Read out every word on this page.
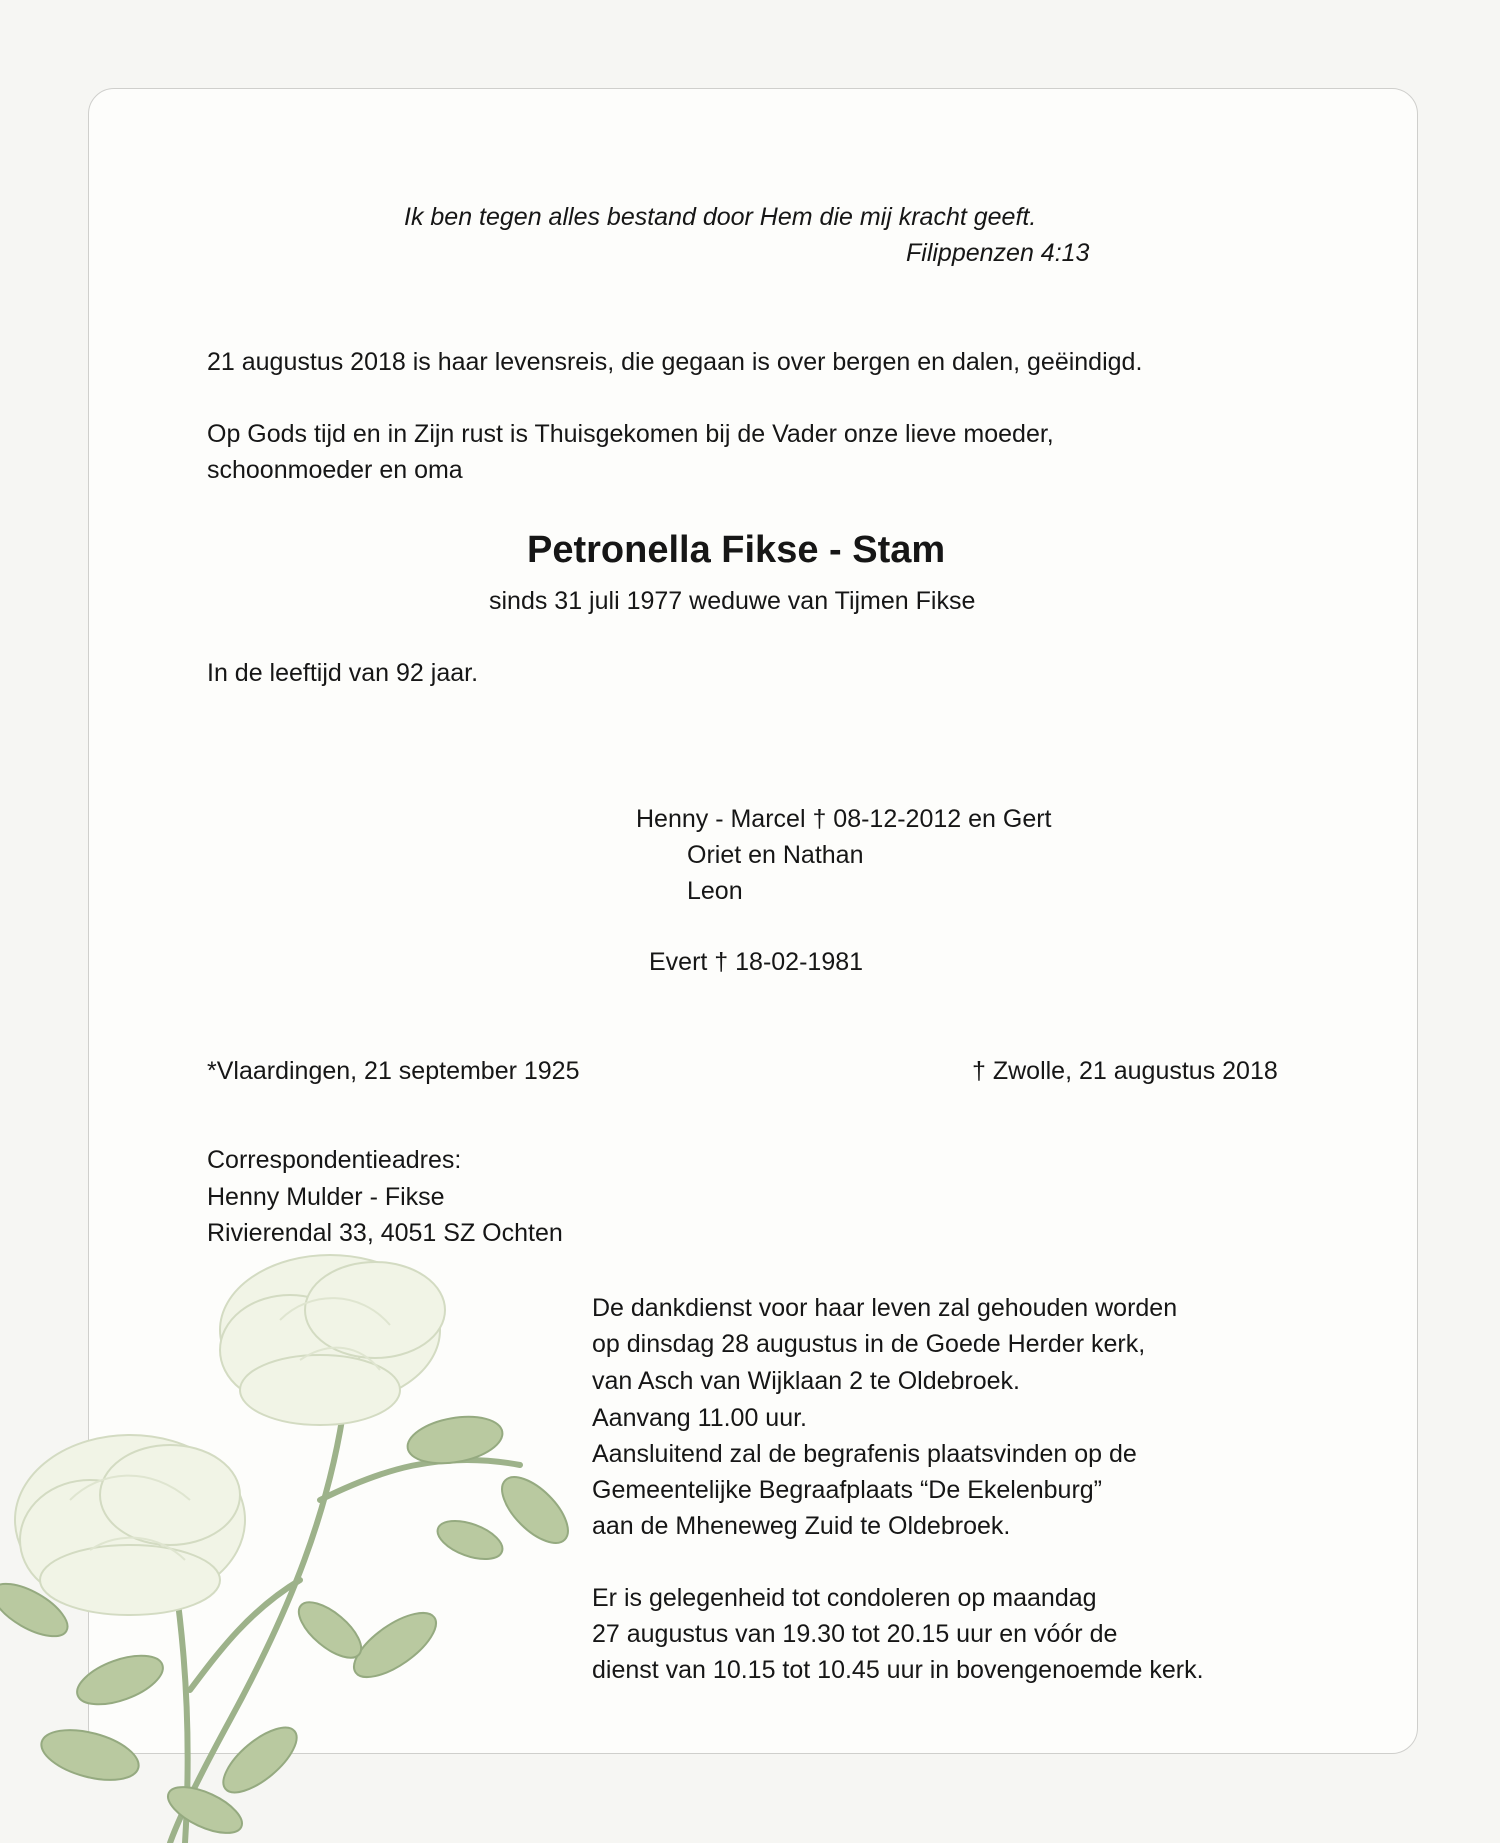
Ik ben tegen alles bestand door Hem die mij kracht geeft.
Filippenzen 4:13
21 augustus 2018 is haar levensreis, die gegaan is over bergen en dalen, geëindigd.
Op Gods tijd en in Zijn rust is Thuisgekomen bij de Vader onze lieve moeder,
schoonmoeder en oma
Petronella Fikse - Stam
sinds 31 juli 1977 weduwe van Tijmen Fikse
In de leeftijd van 92 jaar.
Henny - Marcel † 08-12-2012 en Gert
Oriet en Nathan
Leon
Evert † 18-02-1981
*Vlaardingen, 21 september 1925	† Zwolle, 21 augustus 2018
Correspondentieadres:
Henny Mulder - Fikse
Rivierendal 33, 4051 SZ Ochten
De dankdienst voor haar leven zal gehouden worden
op dinsdag 28 augustus in de Goede Herder kerk,
van Asch van Wijklaan 2 te Oldebroek.
Aanvang 11.00 uur.
Aansluitend zal de begrafenis plaatsvinden op de
Gemeentelijke Begraafplaats “De Ekelenburg”
aan de Mheneweg Zuid te Oldebroek.
Er is gelegenheid tot condoleren op maandag
27 augustus van 19.30 tot 20.15 uur en vóór de
dienst van 10.15 tot 10.45 uur in bovengenoemde kerk.
